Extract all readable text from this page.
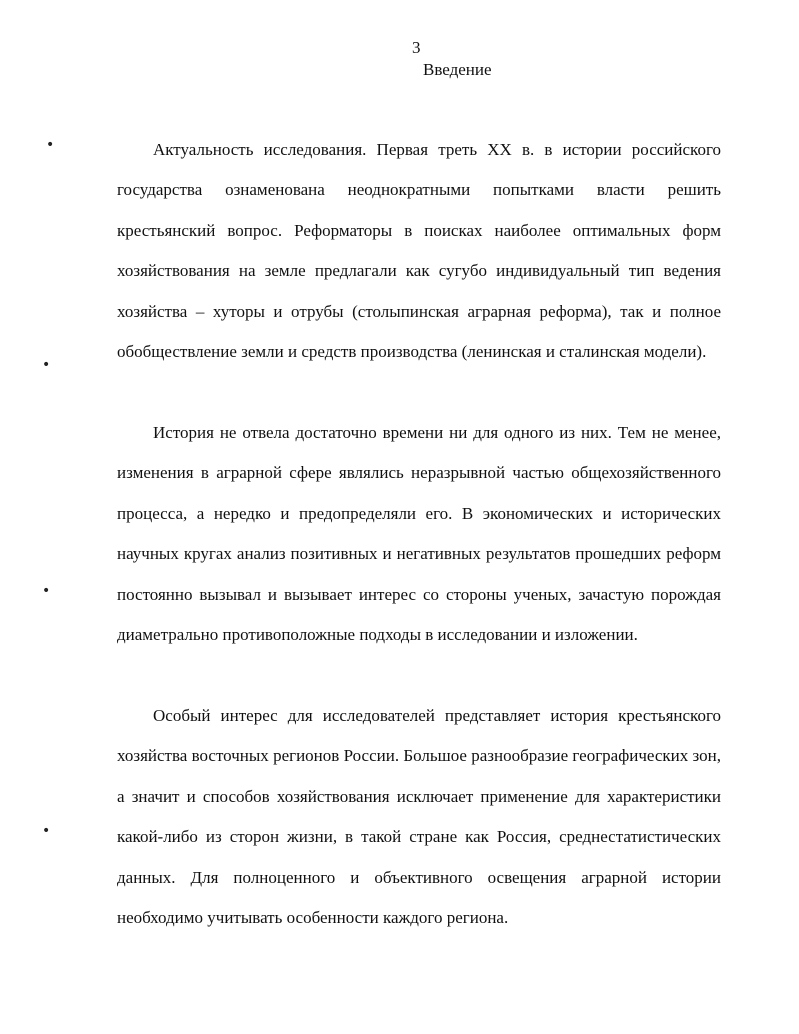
3
Введение

Актуальность исследования. Первая треть XX в. в истории российского государства ознаменована неоднократными попытками власти решить крестьянский вопрос. Реформаторы в поисках наиболее оптимальных форм хозяйствования на земле предлагали как сугубо индивидуальный тип ведения хозяйства – хуторы и отрубы (столыпинская аграрная реформа), так и полное обобществление земли и средств производства (ленинская и сталинская модели).

История не отвела достаточно времени ни для одного из них. Тем не менее, изменения в аграрной сфере являлись неразрывной частью общехозяйственного процесса, а нередко и предопределяли его. В экономических и исторических научных кругах анализ позитивных и негативных результатов прошедших реформ постоянно вызывал и вызывает интерес со стороны ученых, зачастую порождая диаметрально противоположные подходы в исследовании и изложении.

Особый интерес для исследователей представляет история крестьянского хозяйства восточных регионов России. Большое разнообразие географических зон, а значит и способов хозяйствования исключает применение для характеристики какой-либо из сторон жизни, в такой стране как Россия, среднестатистических данных. Для полноценного и объективного освещения аграрной истории необходимо учитывать особенности каждого региона.

•
•
•
•
